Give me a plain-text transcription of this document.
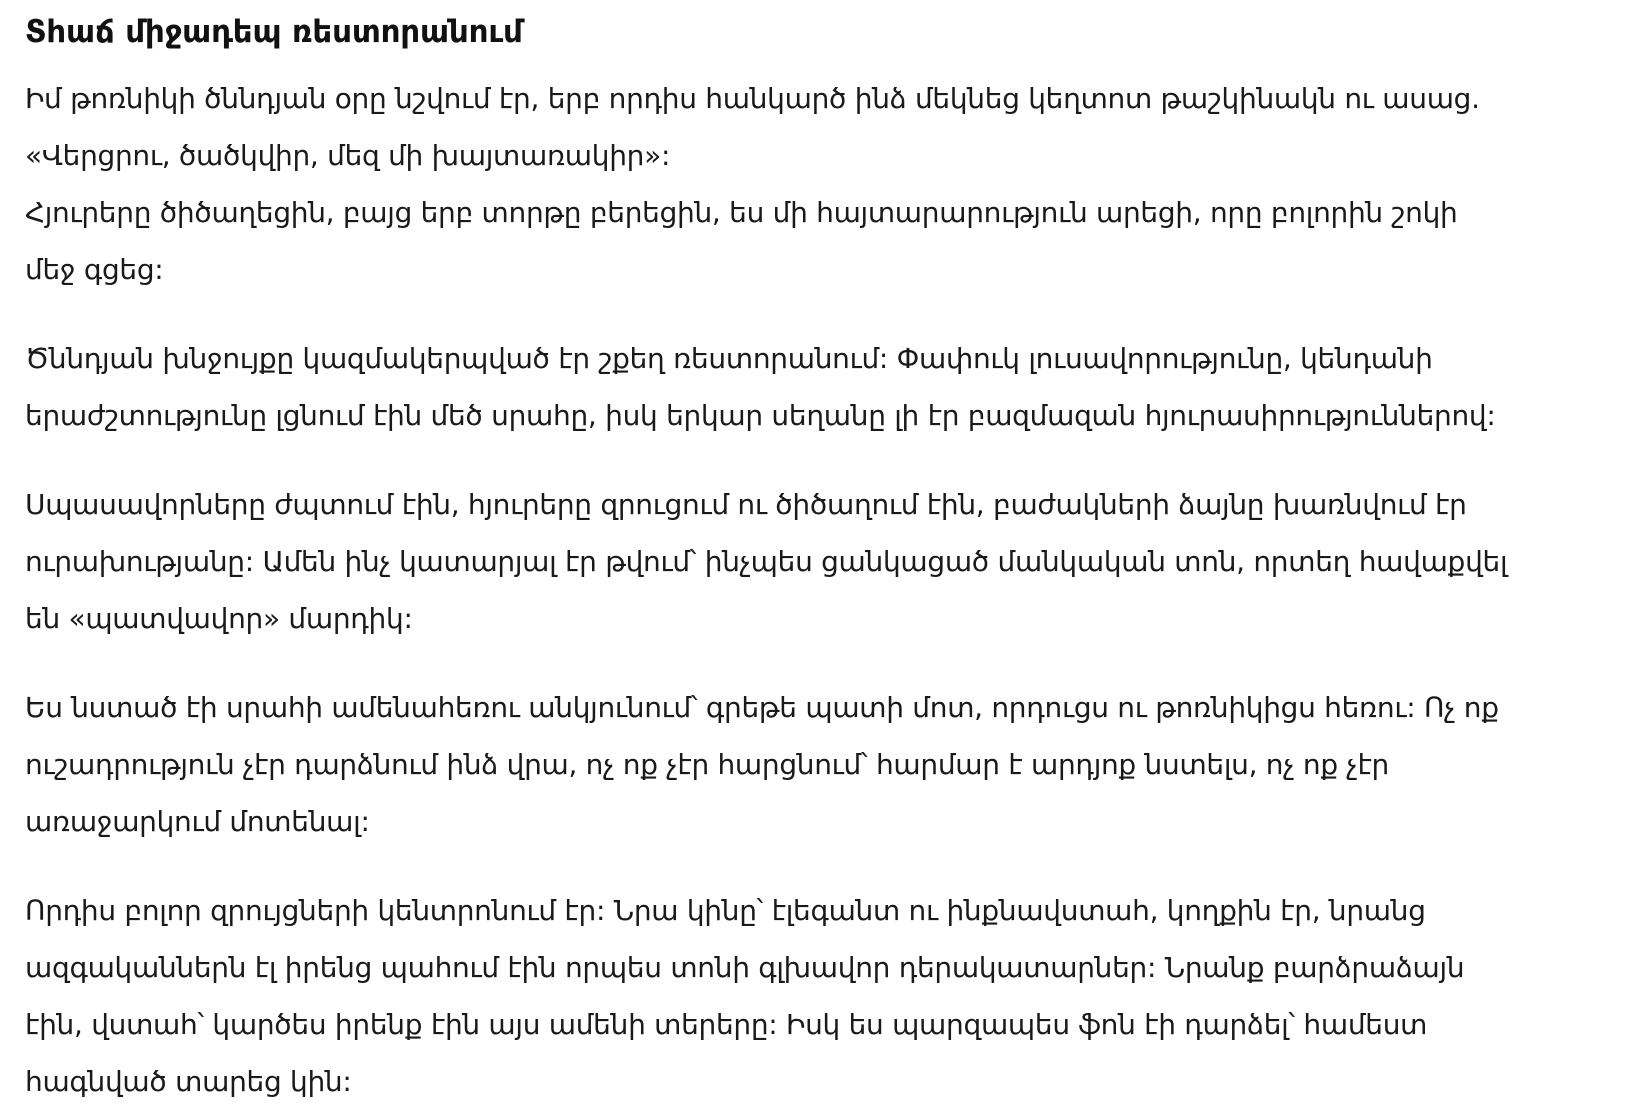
Տհաճ միջադեպ ռեստորանում

Իմ թոռնիկի ծննդյան օրը նշվում էր, երբ որդիս հանկարծ ինձ մեկնեց կեղտոտ թաշկինակն ու ասաց.
«Վերցրու, ծածկվիր, մեզ մի խայտառակիր»:
Հյուրերը ծիծաղեցին, բայց երբ տորթը բերեցին, ես մի հայտարարություն արեցի, որը բոլորին շոկի
մեջ գցեց:

Ծննդյան խնջույքը կազմակերպված էր շքեղ ռեստորանում: Փափուկ լուսավորությունը, կենդանի
երաժշտությունը լցնում էին մեծ սրահը, իսկ երկար սեղանը լի էր բազմազան հյուրասիրություններով:

Սպասավորները ժպտում էին, հյուրերը զրուցում ու ծիծաղում էին, բաժակների ձայնը խառնվում էր
ուրախությանը: Ամեն ինչ կատարյալ էր թվում՝ ինչպես ցանկացած մանկական տոն, որտեղ հավաքվել
են «պատվավոր» մարդիկ:

Ես նստած էի սրահի ամենահեռու անկյունում՝ գրեթե պատի մոտ, որդուցս ու թոռնիկիցս հեռու: Ոչ ոք
ուշադրություն չէր դարձնում ինձ վրա, ոչ ոք չէր հարցնում՝ հարմար է արդյոք նստելս, ոչ ոք չէր
առաջարկում մոտենալ:

Որդիս բոլոր զրույցների կենտրոնում էր: Նրա կինը՝ էլեգանտ ու ինքնավստահ, կողքին էր, նրանց
ազգականներն էլ իրենց պահում էին որպես տոնի գլխավոր դերակատարներ: Նրանք բարձրաձայն
էին, վստահ՝ կարծես իրենք էին այս ամենի տերերը: Իսկ ես պարզապես ֆոն էի դարձել՝ համեստ
հագնված տարեց կին:
